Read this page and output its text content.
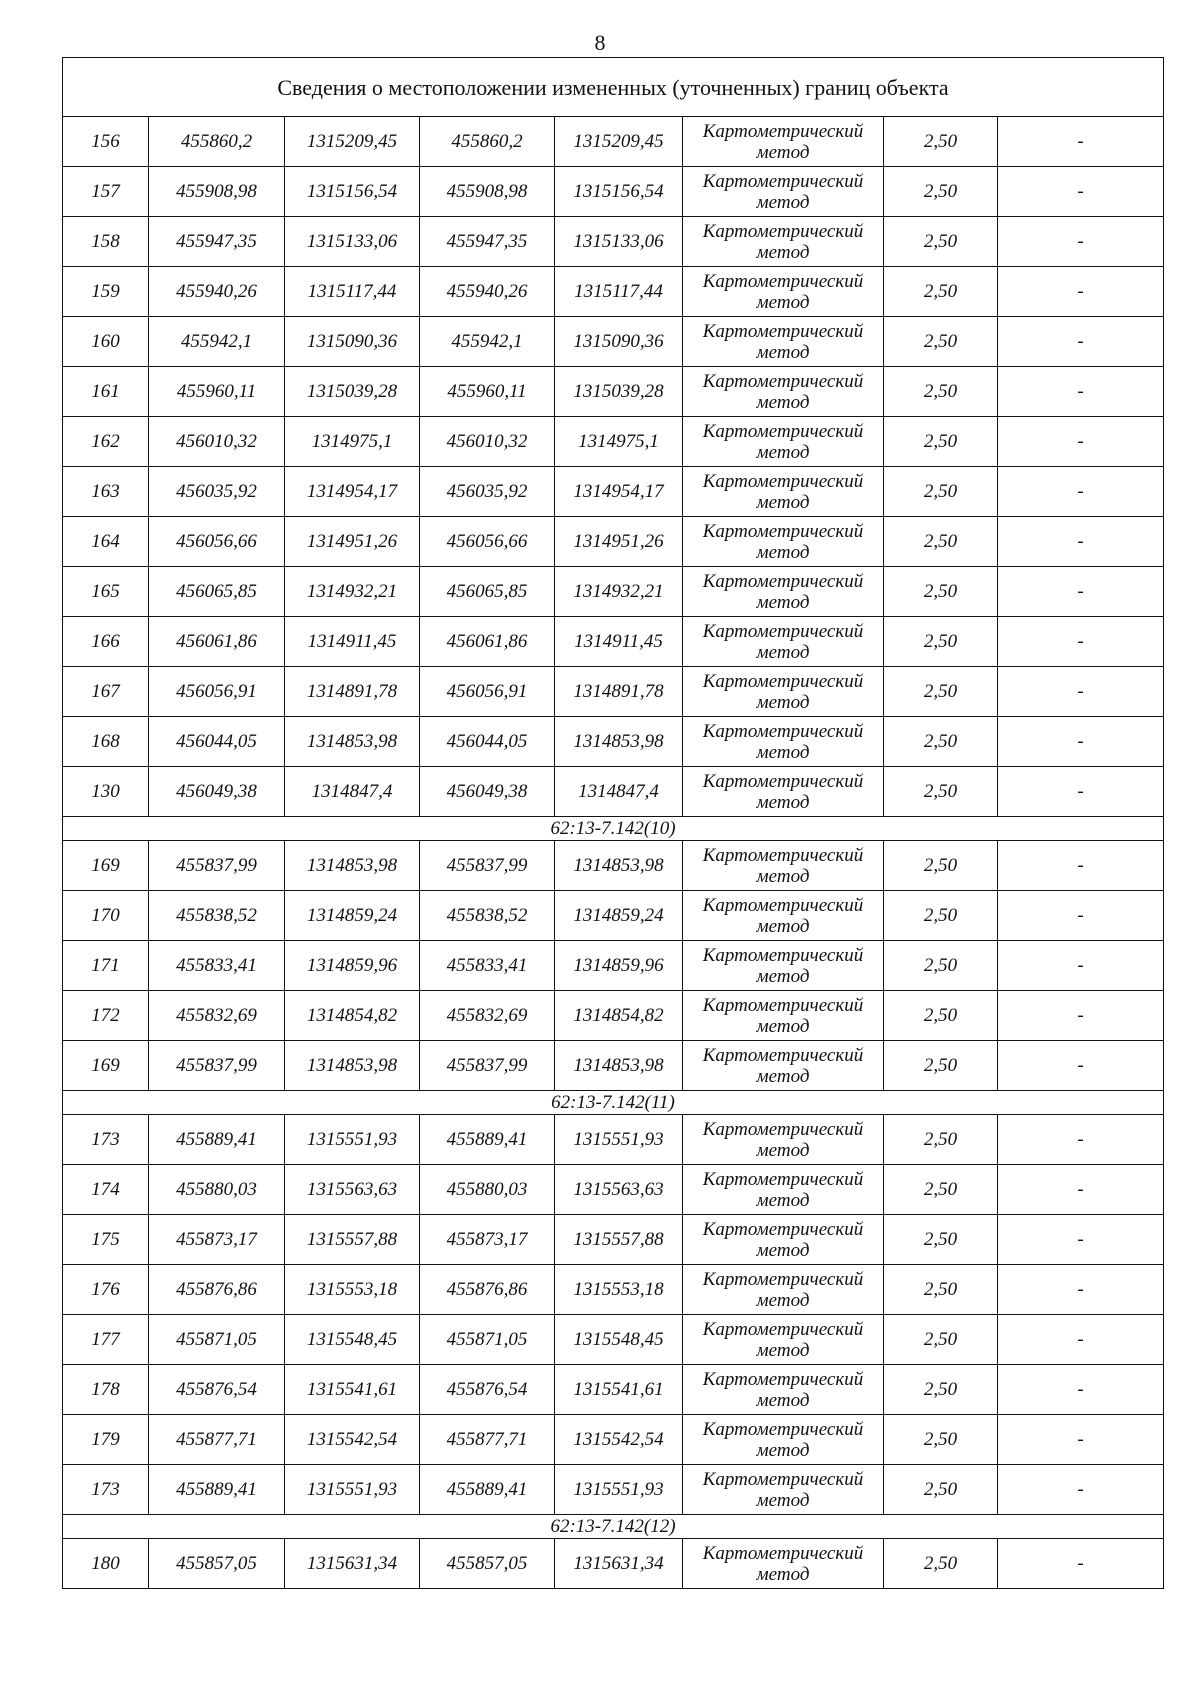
8
Сведения о местоположении измененных (уточненных) границ объекта							
156	455860,2	1315209,45	455860,2	1315209,45	Картометрический
метод	2,50	-
157	455908,98	1315156,54	455908,98	1315156,54	Картометрический
метод	2,50	-
158	455947,35	1315133,06	455947,35	1315133,06	Картометрический
метод	2,50	-
159	455940,26	1315117,44	455940,26	1315117,44	Картометрический
метод	2,50	-
160	455942,1	1315090,36	455942,1	1315090,36	Картометрический
метод	2,50	-
161	455960,11	1315039,28	455960,11	1315039,28	Картометрический
метод	2,50	-
162	456010,32	1314975,1	456010,32	1314975,1	Картометрический
метод	2,50	-
163	456035,92	1314954,17	456035,92	1314954,17	Картометрический
метод	2,50	-
164	456056,66	1314951,26	456056,66	1314951,26	Картометрический
метод	2,50	-
165	456065,85	1314932,21	456065,85	1314932,21	Картометрический
метод	2,50	-
166	456061,86	1314911,45	456061,86	1314911,45	Картометрический
метод	2,50	-
167	456056,91	1314891,78	456056,91	1314891,78	Картометрический
метод	2,50	-
168	456044,05	1314853,98	456044,05	1314853,98	Картометрический
метод	2,50	-
130	456049,38	1314847,4	456049,38	1314847,4	Картометрический
метод	2,50	-
62:13-7.142(10)							
169	455837,99	1314853,98	455837,99	1314853,98	Картометрический
метод	2,50	-
170	455838,52	1314859,24	455838,52	1314859,24	Картометрический
метод	2,50	-
171	455833,41	1314859,96	455833,41	1314859,96	Картометрический
метод	2,50	-
172	455832,69	1314854,82	455832,69	1314854,82	Картометрический
метод	2,50	-
169	455837,99	1314853,98	455837,99	1314853,98	Картометрический
метод	2,50	-
62:13-7.142(11)							
173	455889,41	1315551,93	455889,41	1315551,93	Картометрический
метод	2,50	-
174	455880,03	1315563,63	455880,03	1315563,63	Картометрический
метод	2,50	-
175	455873,17	1315557,88	455873,17	1315557,88	Картометрический
метод	2,50	-
176	455876,86	1315553,18	455876,86	1315553,18	Картометрический
метод	2,50	-
177	455871,05	1315548,45	455871,05	1315548,45	Картометрический
метод	2,50	-
178	455876,54	1315541,61	455876,54	1315541,61	Картометрический
метод	2,50	-
179	455877,71	1315542,54	455877,71	1315542,54	Картометрический
метод	2,50	-
173	455889,41	1315551,93	455889,41	1315551,93	Картометрический
метод	2,50	-
62:13-7.142(12)							
180	455857,05	1315631,34	455857,05	1315631,34	Картометрический
метод	2,50	-
